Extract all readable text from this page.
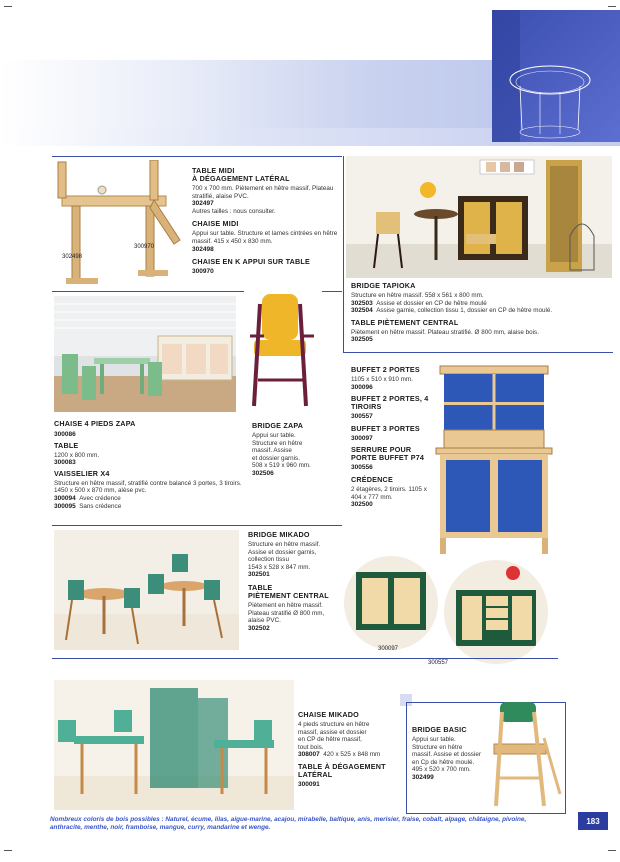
302498
300970
TABLE MIDI
À DÉGAGEMENT LATÉRAL
700 x 700 mm. Piètement en hêtre massif. Plateau stratifié, alaise PVC.
302497
Autres tailles : nous consulter.
CHAISE MIDI
Appui sur table. Structure et lames cintrées en hêtre massif. 415 x 450 x 830 mm.
302498
CHAISE EN K APPUI SUR TABLE
300970
BRIDGE TAPIOKA
Structure en hêtre massif. 558 x 561 x 800 mm.
302503 Assise et dossier en CP de hêtre moulé
302504 Assise garnie, collection tissu 1, dossier en CP de hêtre moulé.
TABLE PIÈTEMENT CENTRAL
Piètement en hêtre massif. Plateau stratifié. Ø 800 mm, alaise bois.
302505
CHAISE 4 PIEDS ZAPA
300086
TABLE
1200 x 800 mm.
300083
VAISSELIER X4
Structure en hêtre massif, stratifié contre balancé 3 portes, 3 tiroirs. 1450 x 500 x 870 mm, alèse pvc.
300094 Avec crédence
300095 Sans crédence
BRIDGE ZAPA
Appui sur table.
Structure en hêtre
massif. Assise
et dossier garnis.
508 x 519 x 960 mm.
302506
BUFFET 2 PORTES
1105 x 510 x 910 mm.
300096
BUFFET 2 PORTES, 4 TIROIRS
300557
BUFFET 3 PORTES
300097
SERRURE POUR PORTE BUFFET P74
300556
CRÉDENCE
2 étagères, 2 tiroirs. 1105 x 404 x 777 mm.
302500
BRIDGE MIKADO
Structure en hêtre massif.
Assise et dossier garnis,
collection tissu
1543 x 528 x 847 mm.
302501
TABLE
PIÈTEMENT CENTRAL
Piètement en hêtre massif.
Plateau stratifié Ø 800 mm,
alaise PVC.
302502
300097
300557
CHAISE MIKADO
4 pieds structure en hêtre
massif, assise et dossier
en CP de hêtre massif,
tout bois.
308007 420 x 525 x 848 mm
TABLE À DÉGAGEMENT
LATÉRAL
300091
BRIDGE BASIC
Appui sur table.
Structure en hêtre
massif. Assise et dossier
en Cp de hêtre moulé.
495 x 520 x 700 mm.
302499
Nombreux coloris de bois possibles : Naturel, écume, lilas, aigue-marine, acajou, mirabelle, baltique, anis, merisier, fraise, cobalt, alpage, châtaigne, pivoine, anthracite, menthe, noir, framboise, mangue, curry, mandarine et wenge.
183
